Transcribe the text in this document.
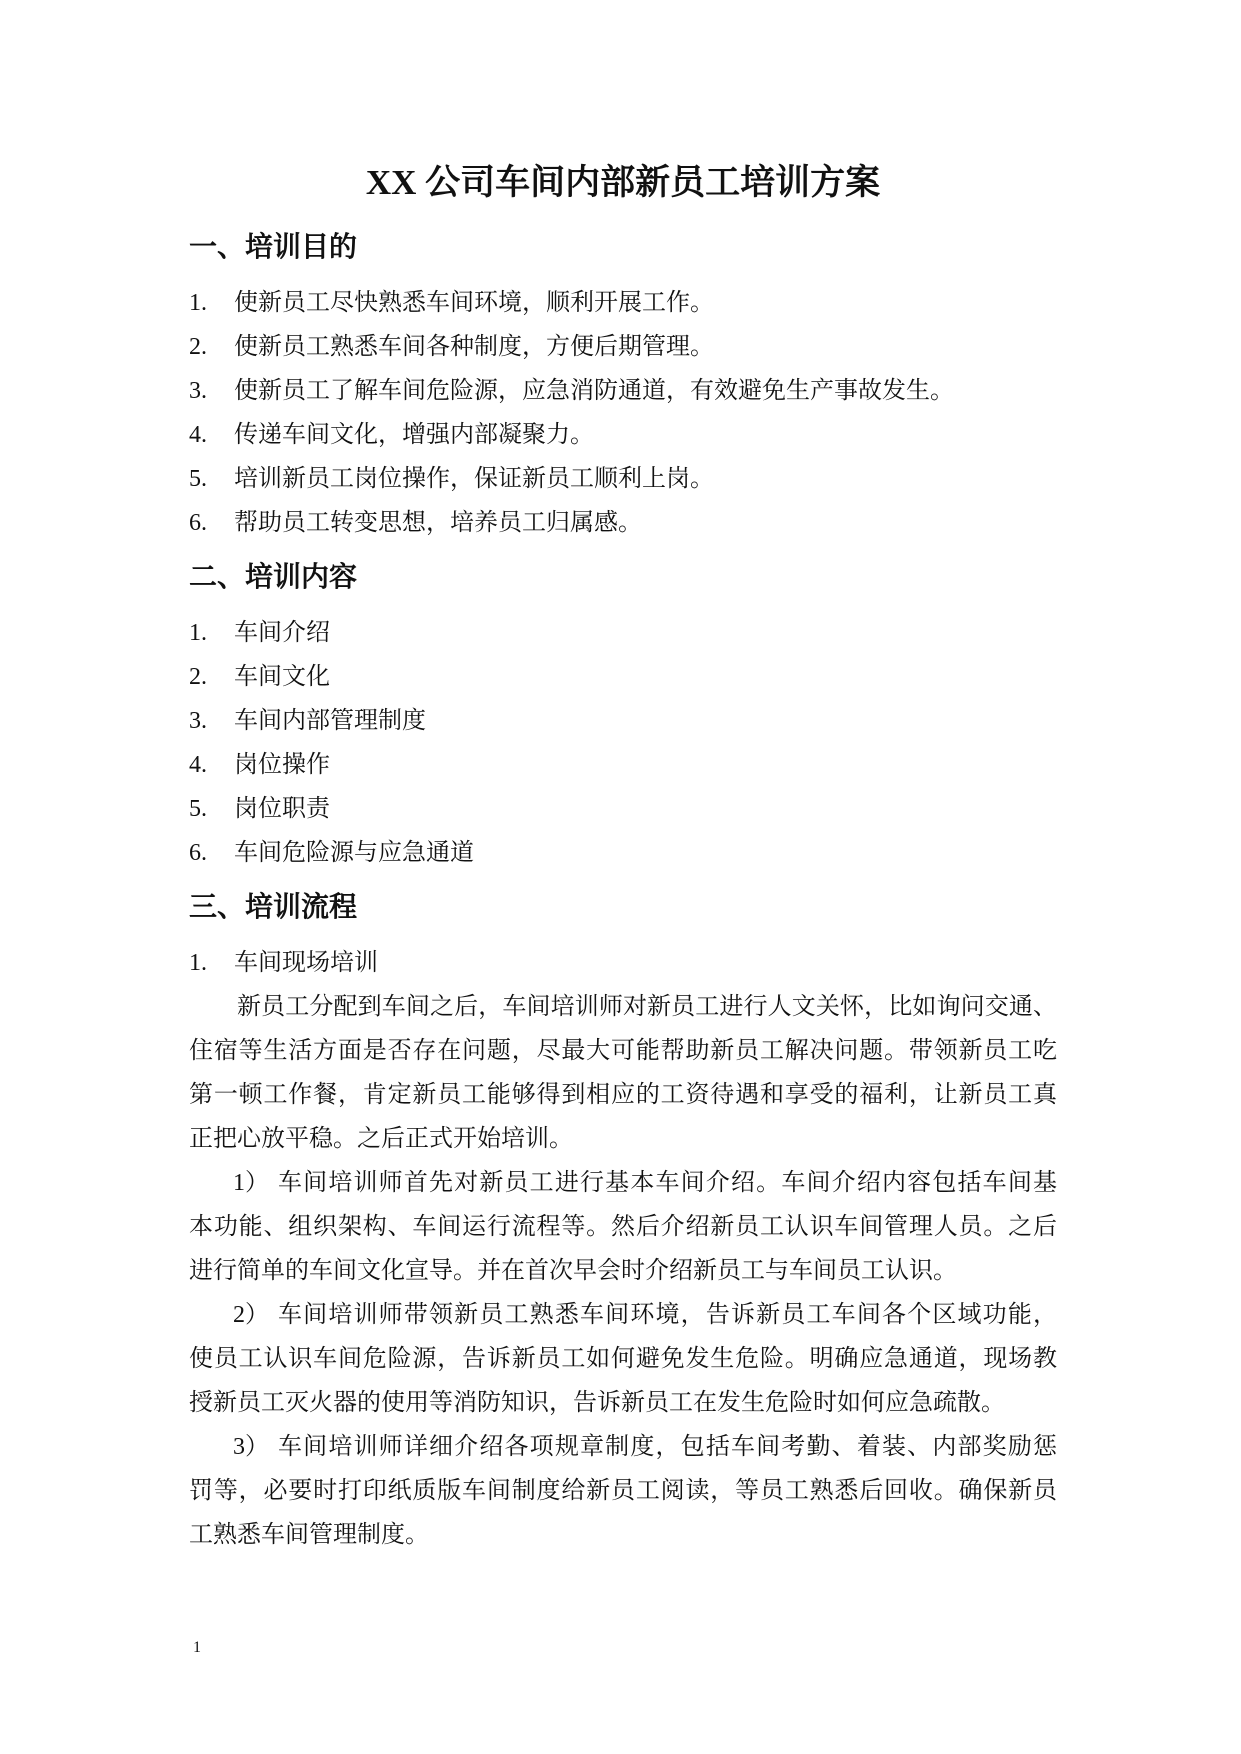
XX 公司车间内部新员工培训方案
一、培训目的
1.	使新员工尽快熟悉车间环境，顺利开展工作。
2.	使新员工熟悉车间各种制度，方便后期管理。
3.	使新员工了解车间危险源，应急消防通道，有效避免生产事故发生。
4.	传递车间文化，增强内部凝聚力。
5.	培训新员工岗位操作，保证新员工顺利上岗。
6.	帮助员工转变思想，培养员工归属感。
二、培训内容
1.	车间介绍
2.	车间文化
3.	车间内部管理制度
4.	岗位操作
5.	岗位职责
6.	车间危险源与应急通道
三、培训流程
1.	车间现场培训
新员工分配到车间之后，车间培训师对新员工进行人文关怀，比如询问交通、
住宿等生活方面是否存在问题，尽最大可能帮助新员工解决问题。带领新员工吃
第一顿工作餐，肯定新员工能够得到相应的工资待遇和享受的福利，让新员工真
正把心放平稳。之后正式开始培训。
1） 车间培训师首先对新员工进行基本车间介绍。车间介绍内容包括车间基
本功能、组织架构、车间运行流程等。然后介绍新员工认识车间管理人员。之后
进行简单的车间文化宣导。并在首次早会时介绍新员工与车间员工认识。
2） 车间培训师带领新员工熟悉车间环境，告诉新员工车间各个区域功能，
使员工认识车间危险源，告诉新员工如何避免发生危险。明确应急通道，现场教
授新员工灭火器的使用等消防知识，告诉新员工在发生危险时如何应急疏散。
3） 车间培训师详细介绍各项规章制度，包括车间考勤、着装、内部奖励惩
罚等，必要时打印纸质版车间制度给新员工阅读，等员工熟悉后回收。确保新员
工熟悉车间管理制度。
1
